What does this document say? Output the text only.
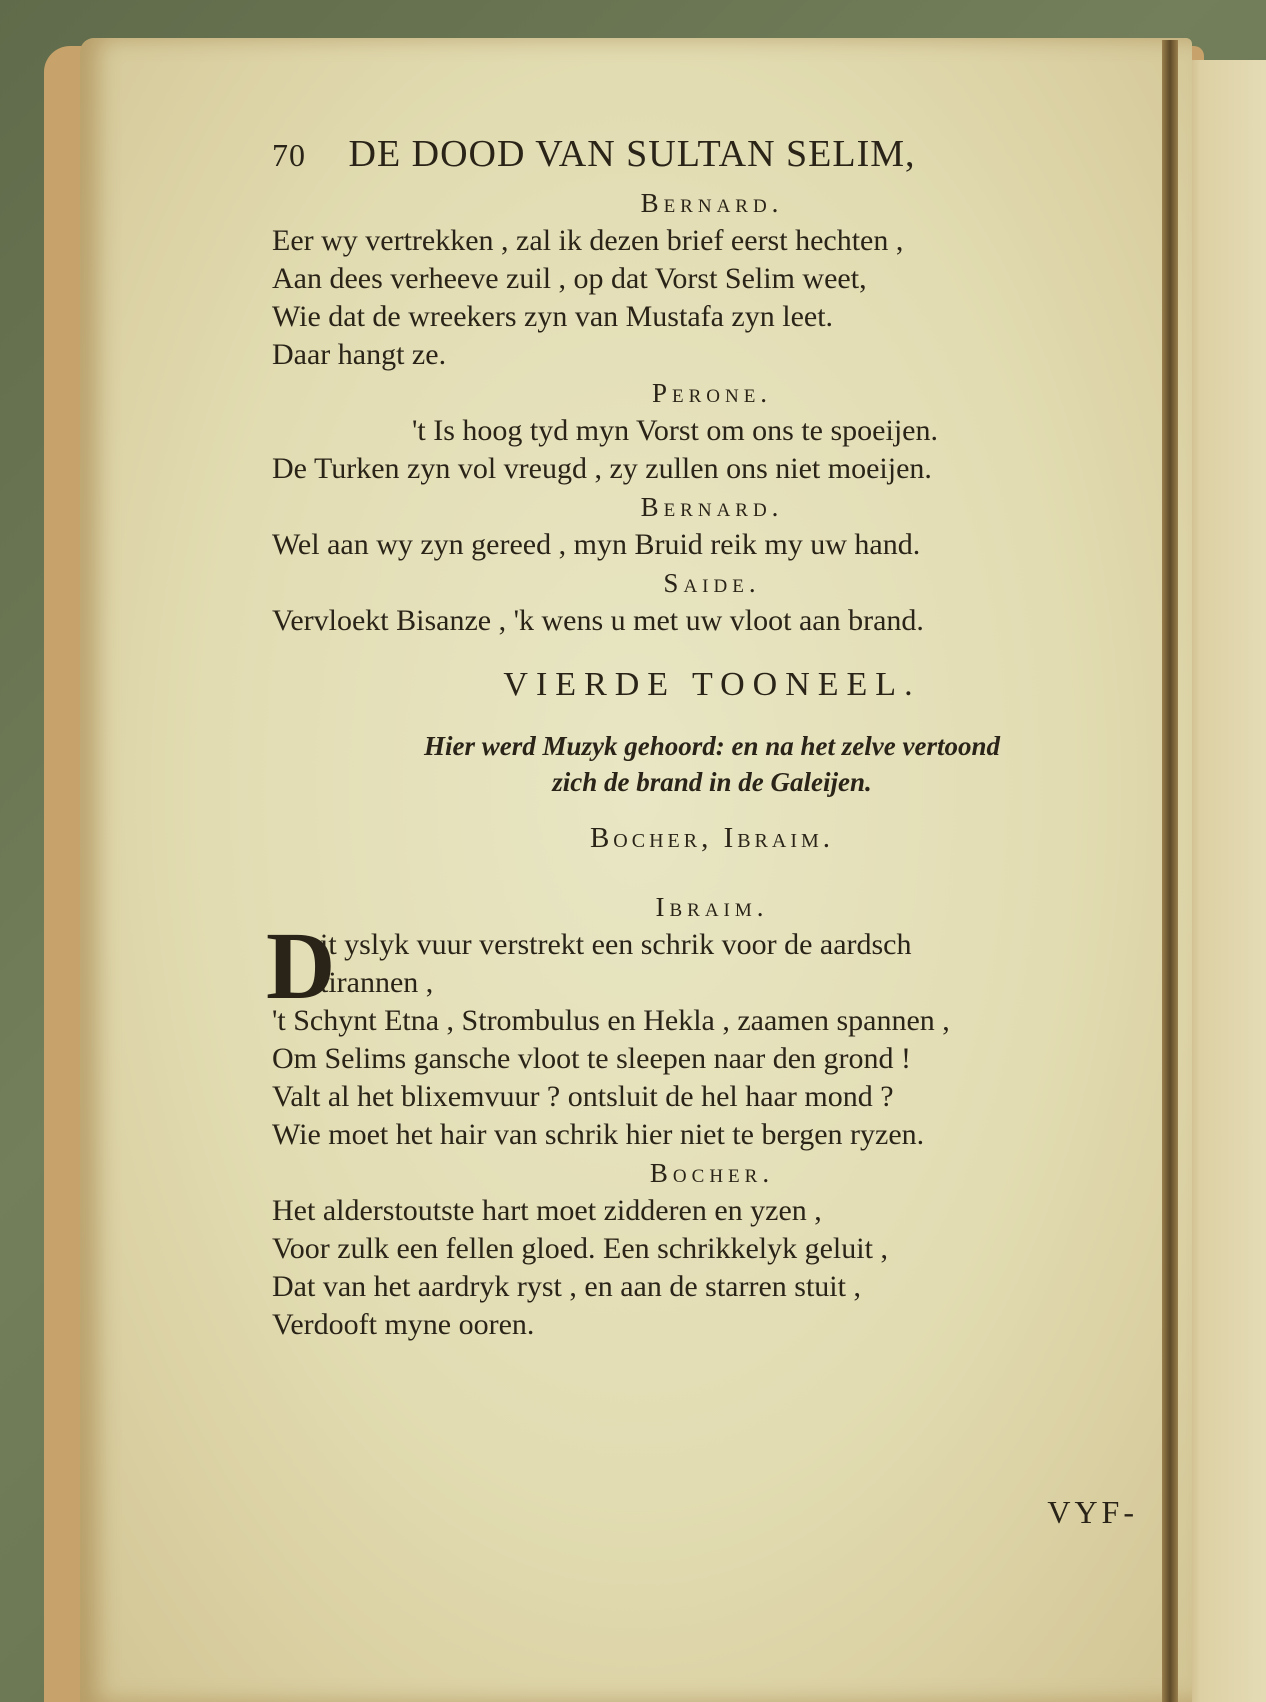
70 DE DOOD VAN SULTAN SELIM,
Bernard.
Eer wy vertrekken , zal ik dezen brief eerst hechten ,
Aan dees verheeve zuil , op dat Vorst Selim weet,
Wie dat de wreekers zyn van Mustafa zyn leet.
Daar hangt ze.
Perone.
't Is hoog tyd myn Vorst om ons te spoeijen.
De Turken zyn vol vreugd , zy zullen ons niet moeijen.
Bernard.
Wel aan wy zyn gereed , myn Bruid reik my uw hand.
Saide.
Vervloekt Bisanze , 'k wens u met uw vloot aan brand.
VIERDE TOONEEL.
Hier werd Muzyk gehoord: en na het zelve vertoond
zich de brand in de Galeijen.
Bocher, Ibraim.
Ibraim.
D
it yslyk vuur verstrekt een schrik voor de aardsch
tirannen ,
't Schynt Etna , Strombulus en Hekla , zaamen spannen ,
Om Selims gansche vloot te sleepen naar den grond !
Valt al het blixemvuur ? ontsluit de hel haar mond ?
Wie moet het hair van schrik hier niet te bergen ryzen.
Bocher.
Het alderstoutste hart moet zidderen en yzen ,
Voor zulk een fellen gloed. Een schrikkelyk geluit ,
Dat van het aardryk ryst , en aan de starren stuit ,
Verdooft myne ooren.
VYF-
